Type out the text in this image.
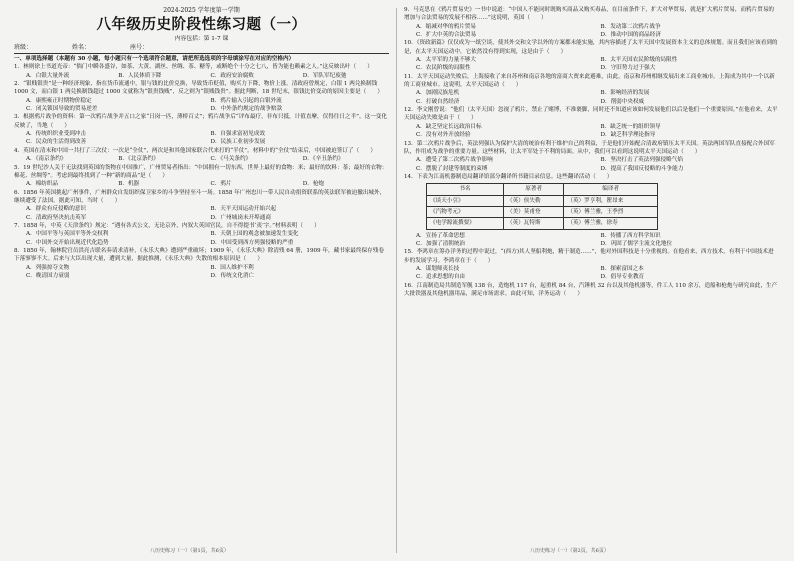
2024-2025 学年度第一学期
八年级历史阶段性练习题（一）
内容包括：第 1-7 课
班级：	姓名：	座号：

一、单项选择题（本题有 30 小题，每小题只有一个选项符合题意，请把所选选项的字母填涂写在对应的空格内）

1．林则徐上书道光帝：“倘门中瞬各盛谷，如茶、大黄、湖丝、丝绸、茶、糖等，或断绝个十分之七八，皆为能也赖素之人。”这反映出叶（　　）

A．白银大量外流	B．人民体质下降	C．政府安治腐败	D．军队军纪废弛

2．“银贱银贵”是一种经济现象，指在货币流通中，银与钱的比价兑换，导致货币贬值，购买力下降，物价上涨。清政府曾规定，白银 1 两兑换制钱 1000 文，而白银 1 两兑换制钱超过 1000 文就称为“银贵钱贱”，反之则为“银贱钱贵”。据此判断，18 世纪末，银钱比价变动的原因主要是（　　）

A．康熙雍正时期物价稳定	B．鸦片输入引起的白银外流
C．闭关锁国导致的贸易逆差	D．中外条约规定的战争赔款

3．根据鸦片战争的资料：第一次鸦片战争并五口之家“日岗一匹，薄桥百丈”；鸦片战争后“评布最疗，非布只抵，计值直摩，仅得往日之半”。这一变化反映了，当地（　　）

A．传统织织业受到冲击	B．自强求富初见成效
C．民众的生活得到改善	D．民族工业初步发展

4．英国在清末和中国一共打了三次仗：一次是“全仗”，两次是和其他国家联合代来打的“半仗”。材料中的“全仗”结束后，中国被迫签订了（　　）

A．《南京条约》	B．《北京条约》	C．《马关条约》	D．《辛丑条约》

5．19 世纪沙人关于无法找到英国的货物在中国推广，广州贸易者指出：“中国拥有一切东西，世界上最好的食物：米；最好的饮料：茶；最好的衣物：棉花、丝绸等”。考虑到最终找到了一种“新的商品”是（　　）

A．棉纺织品	B．机器	C．鸦片	D．枪炮

6．1856 年英国挑起广州事件，广州群众自发组织保卫家乡的斗争坚持至斗一场。1858 年广州忠川一带人民自动捐资联系的英法联军被迫撤出城外，继续遭受了法国。据此可知，当时（　　）

A．群众有反侵略的意识	B．天平天国运动开始兴起
C．清政府坚决抗击英军	D．广州城岗未开埠通商

7．1858 年，中英《天津条约》规定：“遇有各式公文，无论京外，内叙大英国官民，自不得提书‘夷’字。”材料表明（　　）

A．中国平等与英国平等外交权利	B．天朝上国的观念被加速发生变化
C．中国外交开始出现近代化趋势	D．中国受到西方列强侵略的严重

8．1850 年，翰林院官员洪亮吉联名奏请求清补，《永乐大典》遭到严重破坏；1909 年，《永乐大典》除清残 64 册，1909 年，藏书家最终保存残卷下落寥寥不大。后来与大臣出现大量，遭到大量，据此推测，《永乐大典》失散的根本原因是（　　）

A．列强掠夺文物	B．国人维护不利
C．晚清国力衰弱	D．传统文化消亡

9．马克思在《鸦片贸易史》一书中说道：“中国人不能同时既购买商品又购买毒品，在目前条件下，扩大对华贸易，就是扩大鸦片贸易，而鸦片贸易的增加与合法贸易的发展不相容……”这说明，英国（　　）

A．缩减对华的鸦片贸易	B．发动第二次鸦片战争
C．扩大中英的合法贸易	D．推动中国的商品经济

10．《资政新篇》仅仅成为一纸空谈，使其外交和文学以外的方案都未能实施，其内容描述了太平天国中发展资本主义的总体规划。而且我们应该看到的是，在太平天国运动中，它依然没有得到实现，这是由于（　　）

A．太平军的力量不够大	B．太平天国农民阶级的局限性
C．农民阶级的局限性	D．守旧势力过于强大

11．太平天国运动失败后，上海接收了来自苏州和南京各地的富商大贾来此避难，由此，南京和苏州相继发展出来工商业城市。上海成为其中一个以新的工商业城市。这说明，太平天国运动（　　）

A．加剧民族危机	B．影响经济的发展
C．打破自然经济	D．削弱中央权威

12．李文刚曾说：“他们（太平天国）忽视了鸦片，禁止了赌博，不准裹脚，同时还不知道应该如何发展他们以后是他们一个重要原因。”在他看来，太平天国运动失败是由于（　　）

A．缺乏坚定长远政治目标	B．缺乏统一的组织领导
C．没有对外开放经验	D．缺乏科学理论指导

13．第二次鸦片战争后，英法列强认为保护大清的统治有利于维护自己的利益，于是他们开始配合清政府镇压太平天国。英法两国军队直接配合外国军队，作用成为战争的重要力量。这些材料，让太平军处于不利的局面。从中，我们可以看到这说明太平天国运动（　　）

A．遭受了第二次鸦片战争影响	B．坚决打击了英法列强侵略气焰
C．摆脱了封建等制度的束缚	D．提高了我国反侵略的斗争能力

14．下表为江南机器制造局翻译馆部分翻译所书籍目录信息。这些翻译活动（　　）

书名	原著者	编译者
《谈天小引》	（英）侯失勒	（英）罗亨利，瞿昂来
《汽物考元》	（美）莫甫登	（英）傅兰雅，王季烈
《电学源流撰要》	（英）瓦特斯	（英）傅兰雅，徐寿
A．宣扬了革命思想	B．传播了西方科学知识
C．加强了清朝统治	D．巩固了儒学主流文化地位

15．李鸿章在筹办洋务的过程中说过，“(西方)其人坚船利炮，精于制造……”，他对外国科技是十分重视的。在他看来，西方技术，有利于中国技术进步的发展学习。李鸿章在于（　　）

A．谋划师夷长技	B．探索富国之本
C．追求思想的自由	D．倡导专业教育

16．江南制造局共制造军舰 138 台，造炮机 117 台，起重机 84 台，汽锤机 32 台以及其他机器等，件工人 110 余万，造船和枪炮与研究由此，生产大批铁器及其他机器用品，满足市场需求。由此可知，洋务运动（　　）

八历史练习（一）（第1页，共6页）	八历史练习（一）（第2页，共6页）
